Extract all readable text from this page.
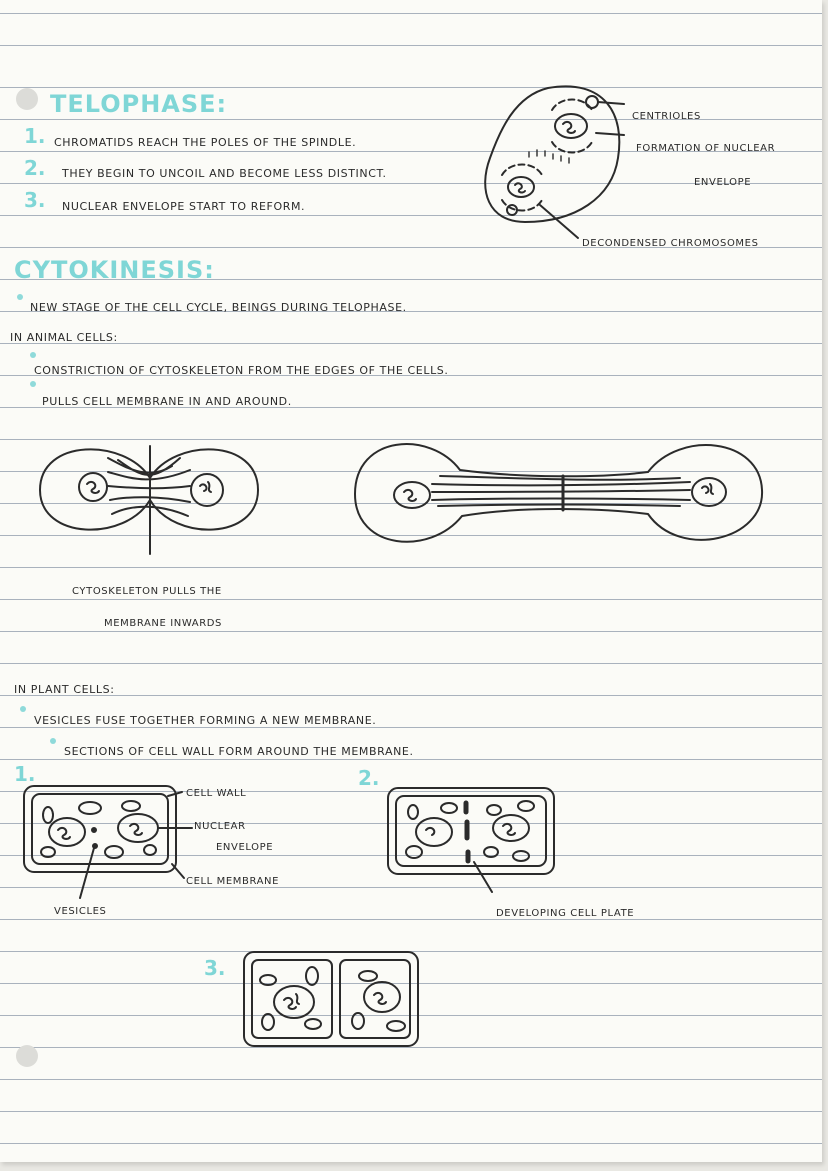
TELOPHASE:
1. CHROMATIDS REACH THE POLES OF THE SPINDLE.
2. THEY BEGIN TO UNCOIL AND BECOME LESS DISTINCT.
3. NUCLEAR ENVELOPE START TO REFORM.
CENTRIOLES
FORMATION OF NUCLEAR
ENVELOPE
DECONDENSED CHROMOSOMES
CYTOKINESIS:
NEW STAGE OF THE CELL CYCLE, BEINGS DURING TELOPHASE.
IN ANIMAL CELLS:
CONSTRICTION OF CYTOSKELETON FROM THE EDGES OF THE CELLS.
PULLS CELL MEMBRANE IN AND AROUND.
CYTOSKELETON PULLS THE
MEMBRANE INWARDS
IN PLANT CELLS:
VESICLES FUSE TOGETHER FORMING A NEW MEMBRANE.
SECTIONS OF CELL WALL FORM AROUND THE MEMBRANE.
1.	2.
3.
CELL WALL
NUCLEAR
ENVELOPE
CELL MEMBRANE
VESICLES	DEVELOPING CELL PLATE
